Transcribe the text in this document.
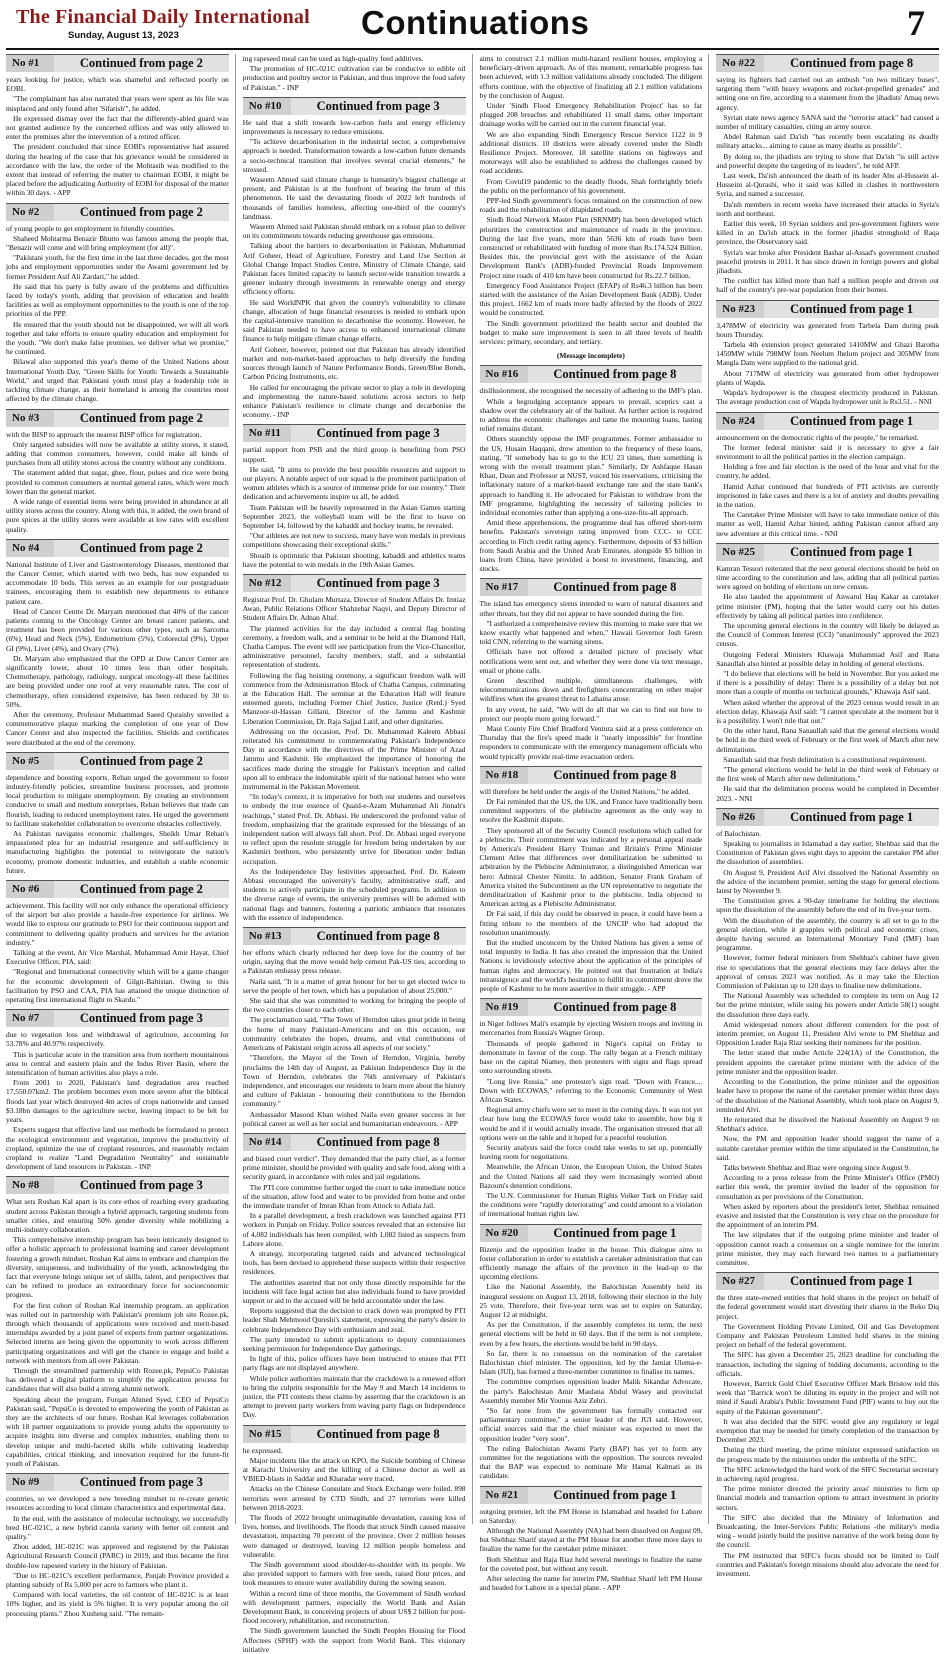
The Financial Daily International
Sunday, August 13, 2023	Continuations	7
No #1	Continued from page 2

years looking for justice, which was shameful and reflected poorly on EOBI.

"The complainant has also narrated that years were spent as his file was misplaced and only found after 'Sifarish'", he added.

He expressed dismay over the fact that the differently-abled guard was not granted audience by the concerned offices and was only allowed to enter the premises after the intervention of a retired officer.

The president concluded that since EOBI's representative had assured during the hearing of the case that his grievance would be considered in accordance with the law, the order of the Mohtasib was modified to the extent that instead of referring the matter to chairman EOBI, it might be placed before the adjudicating Authority of EOBI for disposal of the matter within 30 days. - APP

No #2	Continued from page 2

of young people to get employment in friendly countries.

Shaheed Mohtarma Benazir Bhutto was famous among the people that, "Benazir will come and will bring employment (for all)".

"Pakistani youth, for the first time in the last three decades, got the most jobs and employment opportunities under the Awami government led by former President Asif Ali Zardari," he added.

He said that his party is fully aware of the problems and difficulties faced by today's youth, adding that provision of education and health facilities as well as employment opportunities to the youth is one of the top priorities of the PPP.

He ensured that the youth should not be disappointed, we will all work together and take efforts to ensure quality education and employment for the youth. "We don't make false promises, we deliver what we promise," he continued.

Bilawal also supported this year's theme of the United Nations about International Youth Day, "Green Skills for Youth: Towards a Sustainable World," and urged that Pakistani youth must play a leadership role in tackling climate change, as their homeland is among the countries most affected by the climate change.

No #3	Continued from page 2

with the BISP to approach the nearest BISP office for registration.

Only targeted subsidies will now be available at utility stores, it stated, adding that common consumers, however, could make all kinds of purchases from all utility stores across the country without any conditions.

The statement added that sugar, ghee, flour, pulses and rice were being provided to common consumers at normal general rates, which were much lower than the general market.

A wide range of essential items were being provided in abundance at all utility stores across the country. Along with this, it added, the own brand of pure spices at the utility stores were available at low rates with excellent quality.

No #4	Continued from page 2

National Institute of Liver and Gastroenterology Diseases, mentioned that the Cancer Center, which started with two beds, has now expanded to accommodate 10 beds. This serves as an example for our postgraduate trainees, encouraging them to establish new departments to enhance patient care.

Head of Cancer Centre Dr. Maryam mentioned that 40% of the cancer patients coming to the Oncology Center are breast cancer patients, and treatment has been provided for various other types, such as Sarcoma (6%), Head and Neck (5%), Endometrium (5%), Colorectal (9%), Upper GI (9%), Liver (4%), and Ovary (7%).

Dr. Maryam also emphasized that the OPD at Dow Cancer Center are significantly lower, about 10 times less than other hospitals. Chemotherapy, pathology, radiology, surgical oncology-all these facilities are being provided under one roof at very reasonable rates. The cost of chemotherapy, often considered expensive, has been reduced by 30 to 50%.

After the ceremony, Professor Muhammad Saeed Quraishy unveiled a commemorative plaque marking the completion of one year of Dow Cancer Center and also inspected the facilities. Shields and certificates were distributed at the end of the ceremony.

No #5	Continued from page 2

dependence and boosting exports. Rehan urged the government to foster industry-friendly policies, streamline business processes, and promote local production to mitigate unemployment. By creating an environment conducive to small and medium enterprises, Rehan believes that trade can flourish, leading to reduced unemployment rates. He urged the government to facilitate stakeholder collaboration to overcome obstacles collectively.

As Pakistan navigates economic challenges, Sheikh Umar Rehan's impassioned plea for an industrial resurgence and self-sufficiency in manufacturing highlights the potential to reinvigorate the nation's economy, promote domestic industries, and establish a stable economic future.

No #6	Continued from page 2

achievement. This facility will not only enhance the operational efficiency of the airport but also provide a hassle-free experience for airlines. We would like to express our gratitude to PSO for their continuous support and commitment to delivering quality products and services for the aviation industry."

Talking at the event, Air Vice Marshal, Muhammad Amir Hayat, Chief Executive Officer, PIA, said:

"Regional and International connectivity which will be a game changer for the economic development of Gilgit-Baltistan. Owing to this facilitation by PSO and CAA, PIA has attained the unique distinction of operating first international flight to Skardu."

No #7	Continued from page 3

due to vegetation loss and withdrawal of agriculture, accounting for 53.78% and 40.97% respectively.

This is particular acute in the transition area from northern mountainous area to central and eastern plain and the Indus River Basin, where the intensification of human activities also plays a role.

From 2001 to 2020, Pakistan's land degradation area reached 17,550.07km2. The problem becomes even more severe after the biblical floods last year which destroyed 4m acres of crops nationwide and caused $3.18bn damages to the agriculture sector, leaving impact to be felt for years.

Experts suggest that effective land use methods be formulated to protect the ecological environment and vegetation, improve the productivity of cropland, optimize the use of cropland resources, and reasonably reclaim cropland to realize "Land Degradation Neutrality" and sustainable development of land resources in Pakistan. - INP

No #8	Continued from page 3

What sets Roshan Kal apart is its core ethos of reaching every graduating student across Pakistan through a hybrid approach, targeting students from smaller cities, and ensuring 50% gender diversity while mobilizing a multi-industry collaboration.

This comprehensive internship program has been intricately designed to offer a holistic approach to professional learning and career development fostering a growth mindset. Roshan Kal aims to embrace and champion the diversity, uniqueness, and individuality of the youth, acknowledging the fact that everyone brings unique set of skills, talent, and perspectives that can be refined to produce an extraordinary force for socioeconomic progress.

For the first cohort of Roshan Kal internship program, an application was rolled out in partnership with Pakistan's premium job site Rozee.pk, through which thousands of applications were received and merit-based internships awarded by a joint panel of experts from partner organizations. Selected interns are being given the opportunity to work across different participating organizations and will get the chance to engage and build a network with mentors from all over Pakistan.

Through the streamlined partnership with Rozee.pk, PepsiCo Pakistan has delivered a digital platform to simplify the application process for candidates that will also build a strong alumni network.

Speaking about the program, Furqan Ahmed Syed, CEO of PepsiCo Pakistan said, "PepsiCo is devoted to empowering the youth of Pakistan as they are the architects of our future. Roshan Kal leverages collaboration with 18 partner organizations to provide young adults the opportunity to acquire insights into diverse and complex industries, enabling them to develop unique and multi-faceted skills while cultivating leadership capabilities, critical thinking, and innovation required for the future-fit youth of Pakistan.

No #9	Continued from page 3

countries, so we developed a new breeding mindset to re-create genetic resources according to local climate characteristics and experimental data.

In the end, with the assistance of molecular technology, we successfully bred HC-021C, a new hybrid canola variety with better oil content and quality."

Zhou added, HC-021C was approved and registered by the Pakistan Agricultural Research Council (PARC) in 2019, and thus became the first double-low rapeseed variety in the history of Pakistan.

"Due to HC-021C's excellent performance, Punjab Province provided a planting subsidy of Rs 5,000 per acre to farmers who plant it.

Compared with local varieties, the oil content of HC-021C is at least 10% higher, and its yield is 5% higher. It is very popular among the oil processing plants." Zhou Xusheng said. "The remain-

ing rapeseed meal can be used as high-quality feed additives.

The promotion of HC-021C cultivation can be conducive to edible oil production and poultry sector in Pakistan, and thus improve the food safety of Pakistan." - INP

No #10	Continued from page 3

He said that a shift towards low-carbon fuels and energy efficiency improvements is necessary to reduce emissions.

"To achieve decarbonisation in the industrial sector, a comprehensive approach is needed. Transformation towards a low-carbon future demands a socio-technical transition that involves several crucial elements," he stressed.

Waseem Ahmed said climate change is humanity's biggest challenge at present, and Pakistan is at the forefront of bearing the brunt of this phenomenon. He said the devastating floods of 2022 left hundreds of thousands of families homeless, affecting one-third of the country's landmass.

Waseem Ahmed said Pakistan should embark on a robust plan to deliver on its commitments towards reducing greenhouse gas emissions.

Talking about the barriers to decarbonisation in Pakistan, Muhammad Arif Goheer, Head of Agriculture, Forestry and Land Use Section at Global Change Impact Studies Centre, Ministry of Climate Change, said Pakistan faces limited capacity to launch sector-wide transition towards a greener industry through investments in renewable energy and energy efficiency efforts.

He said WorldNPK that given the country's vulnerability to climate change, allocation of huge financial resources is needed to embark upon the capital-intensive transition to decarbonise the economy. However, he said Pakistan needed to have access to enhanced international climate finance to help mitigate climate change effects.

Arif Goheer, however, pointed out that Pakistan has already identified market and non-market-based approaches to help diversify the funding sources through launch of Nature Performance Bonds, Green/Blue Bonds, Carbon Pricing Instruments, etc.

He called for encouraging the private sector to play a role in developing and implementing the nature-based solutions across sectors to help enhance Pakistan's resilience to climate change and decarbonise the economy. - INP

No #11	Continued from page 3

partial support from PSB and the third group is benefiting from PSO support.

He said, "It aims to provide the best possible resources and support to our players. A notable aspect of our squad is the prominent participation of women athletes which is a source of immense pride for our country." Their dedication and achievements inspire us all, he added.

Team Pakistan will be heavily represented in the Asian Games starting September 2023, the volleyball team will be the first to leave on September 14, followed by the kabaddi and hockey teams, he revealed.

"Our athletes are not new to success, many have won medals in previous competitions showcasing their exceptional skills."

Shoaib is optimistic that Pakistan shooting, kabaddi and athletics teams have the potential to win medals in the 19th Asian Games.

No #12	Continued from page 3

Registrar Prof. Dr. Ghulam Murtaza, Director of Student Affairs Dr. Imtiaz Awan, Public Relations Officer Shahzebar Naqvi, and Deputy Director of Student Affairs Dr. Adnan Altaf.

The planned activities for the day included a central flag hoisting ceremony, a freedom walk, and a seminar to be held at the Diamond Hall, Chatha Campus. The event will see participation from the Vice-Chancellor, administrative personnel, faculty members, staff, and a substantial representation of students.

Following the flag hoisting ceremony, a significant freedom walk will commence from the Administration Block of Chatha Campus, culminating at the Education Hall. The seminar at the Education Hall will feature esteemed guests, including Former Chief Justice, Justice (Retd.) Syed Manzoor-ul-Hassan Gillani, Director of the Jammu and Kashmir Liberation Commission, Dr. Raja Sajjad Latif, and other dignitaries.

Addressing on the occasion, Prof. Dr. Muhammad Kaleem Abbasi reiterated his commitment to commemorating Pakistan's Independence Day in accordance with the directives of the Prime Minister of Azad Jammu and Kashmir. He emphasized the importance of honoring the sacrifices made during the struggle for Pakistan's inception and called upon all to embrace the indomitable spirit of the national heroes who were instrumental in the Pakistan Movement.

"In today's context, it is imperative for both our students and ourselves to embody the true essence of Quaid-e-Azam Muhammad Ali Jinnah's teachings," stated Prof. Dr. Abbasi. He underscored the profound value of freedom, emphasizing that the gratitude expressed for the blessings of an independent nation will always fall short. Prof. Dr. Abbasi urged everyone to reflect upon the resolute struggle for freedom being undertaken by our Kashmiri brethren, who persistently strive for liberation under Indian occupation.

As the Independence Day festivities approached, Prof. Dr. Kaleem Abbasi encouraged the university's faculty, administrative staff, and students to actively participate in the scheduled programs. In addition to the diverse range of events, the university premises will be adorned with national flags and banners, fostering a patriotic ambiance that resonates with the essence of independence.

No #13	Continued from page 8

her efforts which clearly reflected her deep love for the country of her origin, saying that the move would help cement Pak-US ties, according to a Pakistan embassy press release.

Naila said, "It is a matter of great honour for her to get elected twice to serve the people of her town, which has a population of about 25,000."

She said that she was committed to working for bringing the people of the two countries closer to each other.

The proclamation said, "The Town of Herndon takes great pride in being the home of many Pakistani-Americans and on this occasion, our community celebrates the hopes, dreams, and vital contributions of Americans of Pakistani origin across all aspects of our society."

"Therefore, the Mayor of the Town of Herndon, Virginia, hereby proclaims the 14th day of August, as Pakistan Independence Day in the Town of Herndon, celebrates the 76th anniversary of Pakistan's independence, and encourages our residents to learn more about the history and culture of Pakistan - honouring their contributions to the Herndon community."

Ambassador Masood Khan wished Naila even greater success in her political career as well as her social and humanitarian endeavours. - APP

No #14	Continued from page 8

and biased court verdict". They demanded that the party chief, as a former prime minister, should be provided with quality and safe food, along with a security guard, in accordance with rules and jail regulations.

The PTI core committee further urged the court to take immediate notice of the situation, allow food and water to be provided from home and order the immediate transfer of Imran Khan from Attock to Adiala Jail.

In a parallel development, a fresh crackdown was launched against PTI workers in Punjab on Friday. Police sources revealed that an extensive list of 4,082 individuals has been compiled, with 1,082 listed as suspects from Lahore alone.

A strategy, incorporating targeted raids and advanced technological tools, has been devised to apprehend these suspects within their respective residences.

The authorities asserted that not only those directly responsible for the incidents will face legal action but also individuals found to have provided support or aid to the accused will be held accountable under the law.

Reports suggested that the decision to crack down was prompted by PTI leader Shah Mehmood Qureshi's statement, expressing the party's desire to celebrate Independence Day with enthusiasm and zeal.

The party intended to submit applications to deputy commissioners seeking permission for Independence Day gatherings.

In light of this, police officers have been instructed to ensure that PTI party flags are not displayed anywhere.

While police authorities maintain that the crackdown is a renewed effort to bring the culprits responsible for the May 9 and March 14 incidents to justice, the PTI contests these claims by asserting that the crackdown is an attempt to prevent party workers from waving party flags on Independence Day.

No #15	Continued from page 8

he expressed.

Major incidents like the attack on KPO, the Suicide bombing of Chinese at Karachi University and the killing of a Chinese doctor as well as VBIED-blasts in Saddar and Kharadar were traced.

Attacks on the Chinese Consulate and Stock Exchange were foiled. 898 terrorists were arrested by CTD Sindh, and 27 terrorists were killed between 2018-2023.

The floods of 2022 brought unimaginable devastation, causing loss of lives, homes, and livelihoods. The floods that struck Sindh caused massive devastation, impacting 70 percent of the province. Over 2 million houses were damaged or destroyed, leaving 12 million people homeless and vulnerable.

The Sindh government stood shoulder-to-shoulder with its people. We also provided support to farmers with free seeds, raised flour prices, and took measures to ensure water availability during the sowing season.

Within a record time of three months, the Government of Sindh worked with development partners, especially the World Bank and Asian Development Bank, in conceiving projects of about US$ 2 billion for post-flood recovery, rehabilitation, and reconstruction.

The Sindh government launched the Sindh Peoples Housing for Flood Affectees (SPHF) with the support from World Bank. This visionary initiative

aims to construct 2.1 million multi-hazard resilient houses, employing a beneficiary-driven approach. As of this moment, remarkable progress has been achieved, with 1.3 million validations already concluded. The diligent efforts continue, with the objective of finalizing all 2.1 million validations by the conclusion of August.

Under 'Sindh Flood Emergency Rehabilitation Project' has so far plugged 208 breaches and rehabilitated 11 small dams, other important drainage works will be carried out in the current financial year.

We are also expanding Sindh Emergency Rescue Service 1122 in 9 additional districts. 10 districts were already covered under the Sindh Resilience Project. Moreover, 18 satellite stations on highways and motorways will also be established to address the challenges caused by road accidents.

From Covid19 pandemic to the deadly floods, Shah forthrightly briefs the public on the performance of his government.

PPP-led Sindh government's focus remained on the construction of new roads and the rehabilitation of dilapidated roads.

Sindh Road Network Master Plan (SRNMP) has been developed which prioritizes the construction and maintenance of roads in the province. During the last five years, more than 5636 km of roads have been constructed or rehabilitated with funding of more than Rs.174.524 Billion. Besides this, the provincial govt with the assistance of the Asian Development Bank's (ADB)-funded Provincial Roads Improvement Project nine roads of 410 km have been constructed for Rs.22.7 billion.

Emergency Food Assistance Project (EFAP) of Rs46.3 billion has been started with the assistance of the Asian Development Bank (ADB). Under this project, 1662 km of roads more badly affected by the floods of 2022 would be constructed.

The Sindh government prioritized the health sector and doubled the budget to make sure improvement is seen in all three levels of health services: primary, secondary, and tertiary.

(Message incomplete)
No #16	Continued from page 8

disillusionment, she recognised the necessity of adhering to the IMF's plan.

While a begrudging acceptance appears to prevail, sceptics cast a shadow over the celebratory air of the bailout. As further action is required to address the economic challenges and tame the mounting loans, lasting relief remains distant.

Others staunchly oppose the IMF programmes. Former ambassador to the US, Husain Haqqani, drew attention to the frequency of these loans, stating, "If somebody has to go to the ICU 23 times, then something is wrong with the overall treatment plan." Similarly, Dr Ashfaque Hasan Khan, Dean and Professor at NUST, voiced his reservations, criticising the inflationary nature of a market-based exchange rate and the state bank's approach to handling it. He advocated for Pakistan to withdraw from the IMF programme, highlighting the necessity of tailoring policies to individual economies rather than applying a one-size-fits-all approach.

Amid these apprehensions, the programme deal has offered short-term benefits. Pakistan's sovereign rating improved from CCC- to CCC according to Fitch credit rating agency. Furthermore, deposits of $3 billion from Saudi Arabia and the United Arab Emirates, alongside $5 billion in loans from China, have provided a boost to investment, financing, and stocks.

No #17	Continued from page 8

The island has emergency sirens intended to warn of natural disasters and other threats, but they did not appear to have sounded during the fire.

"I authorized a comprehensive review this morning to make sure that we know exactly what happened and when," Hawaii Governor Josh Green told CNN, referring to the warning sirens.

Officials have not offered a detailed picture of precisely what notifications were sent out, and whether they were done via text message, email or phone calls.

Green described multiple, simultaneous challenges, with telecommunications down and firefighters concentrating on other major wildfires when the greatest threat to Lahaina arose.

In any event, he said, "We will do all that we can to find out how to protect our people more going forward."

Maui County Fire Chief Bradford Ventura said at a press conference on Thursday that the fire's speed made it "nearly impossible" for frontline responders to communicate with the emergency management officials who would typically provide real-time evacuation orders.

No #18	Continued from page 8

will therefore be held under the aegis of the United Nations," he added.

Dr Fai reminded that the US, the UK, and France have traditionally been committed supporters of the plebiscite agreement as the only way to resolve the Kashmir dispute.

They sponsored all of the Security Council resolutions which called for a plebiscite. Their commitment was indicated by a personal appeal made by America's President Harry Truman and Britain's Prime Minister Clement Atlee that differences over demilitarization be submitted to arbitration by the Plebiscite Administrator, a distinguished American war hero: Admiral Chester Nimitz. In addition, Senator Frank Graham of America visited the Subcontinent as the UN representative to negotiate the demilitarization of Kashmir prior to the plebiscite. India objected to American acting as a Plebiscite Administrator.

Dr Fai said, if this day could be observed in peace, it could have been a fitting tribute to the members of the UNCIP who had adopted the resolution unanimously.

But the studied unconcern by the United Nations has given a sense of total impunity to India. It has also created the impression that the United Nations is invidiously selective about the application of the principles of human rights and democracy. He pointed out that frustration at India's intransigence and the world's hesitation to fulfill its commitment drove the people of Kashmir to be more assertive in their struggle. - APP

No #19	Continued from page 8

in Niger follows Mali's example by ejecting Western troops and inviting in mercenaries from Russia's Wagner Group.

Thousands of people gathered in Niger's capital on Friday to demonstrate in favour of the coup. The rally began at a French military base on the capital Niamey, then protesters with signs and flags spread onto surrounding streets.

"Long live Russia," one protester's sign read. "Down with France.... Down with ECOWAS," referring to the Economic Community of West African States.

Regional army chiefs were set to meet in the coming days. It was not yet clear how long the ECOWAS force would take to assemble, how big it would be and if it would actually invade. The organisation stressed that all options were on the table and it hoped for a peaceful resolution.

Security analysts said the force could take weeks to set up, potentially leaving room for negotiations.

Meanwhile, the African Union, the European Union, the United States and the United Nations all said they were increasingly worried about Bazoum's detention conditions.

The U.N. Commissioner for Human Rights Volker Turk on Friday said the conditions were "rapidly deteriorating" and could amount to a violation of international human rights law.

No #20	Continued from page 1

Bizenjo and the opposition leader in the house. This dialogue aims to foster collaboration in order to establish a caretaker administration that can efficiently manage the affairs of the province in the lead-up to the upcoming elections.

Like the National Assembly, the Balochistan Assembly held its inaugural sessions on August 13, 2018, following their election in the July 25 vote. Therefore, their five-year term was set to expire on Saturday, August 12 at midnight.

As per the Constitution, if the assembly completes its term, the next general elections will be held in 60 days. But if the term is not complete, even by a few hours, the elections would be held in 90 days.

So far, there is no consensus on the nomination of the caretaker Balochistan chief minister. The opposition, led by the Jamiat Ulema-e-Islam (JUI), has formed a three-member committee to finalise its names.

The committee comprises opposition leader Malik Sikandar Advocate, the party's Balochistan Amir Maulana Abdul Wasey and provincial Assembly member Mir Younus Aziz Zehri.

"So far none from the government has formally contacted our parliamentary committee," a senior leader of the JUI said. However, official sources said that the chief minister was expected to meet the opposition leader "very soon".

The ruling Balochistan Awami Party (BAP) has yet to form any committee for the negotiations with the opposition. The sources revealed that the BAP was expected to nominate Mir Hamal Kalmati as its candidate.

No #21	Continued from page 1

outgoing premier, left the PM House in Islamabad and headed for Lahore on Saturday.

Although the National Assembly (NA) had been dissolved on August 09, but Shehbaz Sharif stayed at the PM House for another three more days to finalize the name for the caretaker prime minister.

Both Shehbaz and Raja Riaz held several meetings to finalize the name for the coveted post, but without any result.

After selecting the name for interim PM, Shehbaz Sharif left PM House and headed for Lahore in a special plane. - APP

No #22	Continued from page 8

saying its fighters had carried out an ambush "on two military buses", targeting them "with heavy weapons and rocket-propelled grenades" and setting one on fire, according to a statement from the jihadists' Amaq news agency.

Syrian state news agency SANA said the "terrorist attack" had caused a number of military casualties, citing an army source.

Abdel Rahman said Da'ish "has recently been escalating its deadly military attacks... aiming to cause as many deaths as possible".

By doing so, the jihadists are trying to show that Da'ish "is still active and powerful despite the targeting of its leaders", he told AFP.

Last week, Da'ish announced the death of its leader Abu al-Hussein al-Husseini al-Qurashi, who it said was killed in clashes in northwestern Syria, and named a successor.

Da'ish members in recent weeks have increased their attacks in Syria's north and northeast.

Earlier this week, 10 Syrian soldiers and pro-government fighters were killed in an Da'ish attack in the former jihadist stronghold of Raqa province, the Observatory said.

Syria's war broke after President Bashar al-Assad's government crushed peaceful protests in 2011. It has since drawn in foreign powers and global jihadists.

The conflict has killed more than half a million people and driven out half of the country's pre-war population from their homes.

No #23	Continued from page 1

3,478MW of electricity was generated from Tarbela Dam during peak hours Thursday.

Tarbela 4th extension project generated 1410MW and Ghazi Barotha 1450MW while 798MW from Neelum Jhelum project and 305MW from Mangla Dam were supplied to the national grid.

About 717MW of electricity was generated from other hydropower plants of Wapda.

Wapda's hydropower is the cheapest electricity produced in Pakistan. The average production cost of Wapda hydropower unit is Rs3.51. - NNI

No #24	Continued from page 1

announcement on the democratic rights of the people," he remarked.

The former federal minister said it is necessary to give a fair environment to all the political parties in the election campaign.

Holding a free and fair election is the need of the hour and vital for the country, he added.

Hamid Azhar continued that hundreds of PTI activists are currently imprisoned in fake cases and there is a lot of anxiety and doubts prevailing in the nation.

The Caretaker Prime Minister will have to take immediate notice of this matter as well, Hamid Azhar hinted, adding Pakistan cannot afford any new adventure at this critical time. - NNI

No #25	Continued from page 1

Kamran Tessori reiterated that the next general elections should be held on time according to the constitution and law, adding that all political parties were agreed on holding of elections on new census.

He also lauded the appointment of Anwarul Haq Kakar as caretaker prime minister (PM), hoping that the latter would carry out his duties effectively by taking all political parties into confidence.

The upcoming general elections in the country will likely be delayed as the Council of Common Interest (CCI) "unanimously" approved the 2023 census.

Outgoing Federal Ministers Khawaja Muhammad Asif and Rana Sanaullah also hinted at possible delay in holding of general elections.

"I do believe that elections will be held in November. But you asked me if there is a possibility of delay: There is a possibility of a delay but not more than a couple of months on technical grounds," Khawaja Asif said.

When asked whether the approval of the 2023 census would result in an election delay, Khawaja Asif said: "I cannot speculate at the moment but it is a possibility. I won't rule that out."

On the other hand, Rana Sanaullah said that the general elections would be held in the third week of February or the first week of March after new delimitations.

Sanaullah said that fresh delimitation is a constitutional requirement.

"The general elections would be held in the third week of February or the first week of March after new delimitations."

He said that the delimitation process would be completed in December 2023. - NNI

No #26	Continued from page 1

of Balochistan.

Speaking to journalists in Islamabad a day earlier, Shehbaz said that the Constitution of Pakistan gives eight days to appoint the caretaker PM after the dissolution of assemblies.

On August 9, President Arif Alvi dissolved the National Assembly on the advice of the incumbent premier, setting the stage for general elections latest by November 9.

The Constitution gives a 90-day timeframe for holding the elections upon the dissolution of the assembly before the end of its five-year term.

With the dissolution of the assembly, the country is all set to go to the general election, while it grapples with political and economic crises, despite having secured an International Monetary Fund (IMF) loan programme.

However, former federal ministers from Shehbaz's cabinet have given rise to speculations that the general elections may face delays after the approval of census 2023 was notified. As it may take the Election Commission of Pakistan up to 120 days to finalise new delimitations.

The National Assembly was scheduled to complete its term on Aug 12 but the prime minister, while using his powers under Article 58(1) sought the dissolution three days early.

Amid widespread rumors about different contenders for the post of interim premier, on August 11, President Alvi wrote to PM Shehbaz and Opposition Leader Raja Riaz seeking their nominees for the position.

The letter stated that under Article 224(1A) of the Constitution, the president appoints the caretaker prime minister with the advice of the prime minister and the opposition leader.

According to the Constitution, the prime minister and the opposition leader have to propose the name of the caretaker premier within three days of the dissolution of the National Assembly, which took place on August 9, reminded Alvi.

He reiterated that he dissolved the National Assembly on August 9 on Shehbaz's advice.

Now, the PM and opposition leader should suggest the name of a suitable caretaker premier within the time stipulated in the Constitution, he said.

Talks between Shehbaz and Riaz were ongoing since August 9.

According to a press release from the Prime Minister's Office (PMO) earlier this week, the premier invited the leader of the opposition for consultation as per provisions of the Constitution.

When asked by reporters about the president's letter, Shehbaz remained evasive and insisted that the Constitution is very clear on the procedure for the appointment of an interim PM.

The law stipulates that if the outgoing prime minister and leader of opposition cannot reach a consensus on a single nominee for the interim prime minister, they may each forward two names to a parliamentary committee.

No #27	Continued from page 1

the three state-owned entities that hold shares in the project on behalf of the federal government would start divesting their shares in the Reko Diq project.

The Government Holding Private Limited, Oil and Gas Development Company and Pakistan Petroleum Limited hold shares in the mining project on behalf of the federal government.

The SIFC has given a December 25, 2023 deadline for concluding the transaction, including the signing of bidding documents, according to the officials.

However, Barrick Gold Chief Executive Officer Mark Bristow told this week that "Barrick won't be diluting its equity in the project and will not mind if Saudi Arabia's Public Investment Fund (PIF) wants to buy out the equity of the Pakistan government".

It was also decided that the SIFC would give any regulatory or legal exemption that may be needed for timely completion of the transaction by December 2023.

During the third meeting, the prime minister expressed satisfaction on the progress made by the ministries under the umbrella of the SIFC.

The SIFC acknowledged the hard work of the SIFC Secretariat secretary in achieving rapid progress.

The prime minister directed the priority areas' ministries to firm up financial models and transaction options to attract investment in priority sectors.

The SIFC also decided that the Ministry of Information and Broadcasting, the Inter-Services Public Relations -the military's media wing - would jointly build the positive narrative of the work being done by the council.

The PM instructed that SIFC's focus should not be limited to Gulf countries and Pakistan's foreign missions should also advocate the need for investment.
